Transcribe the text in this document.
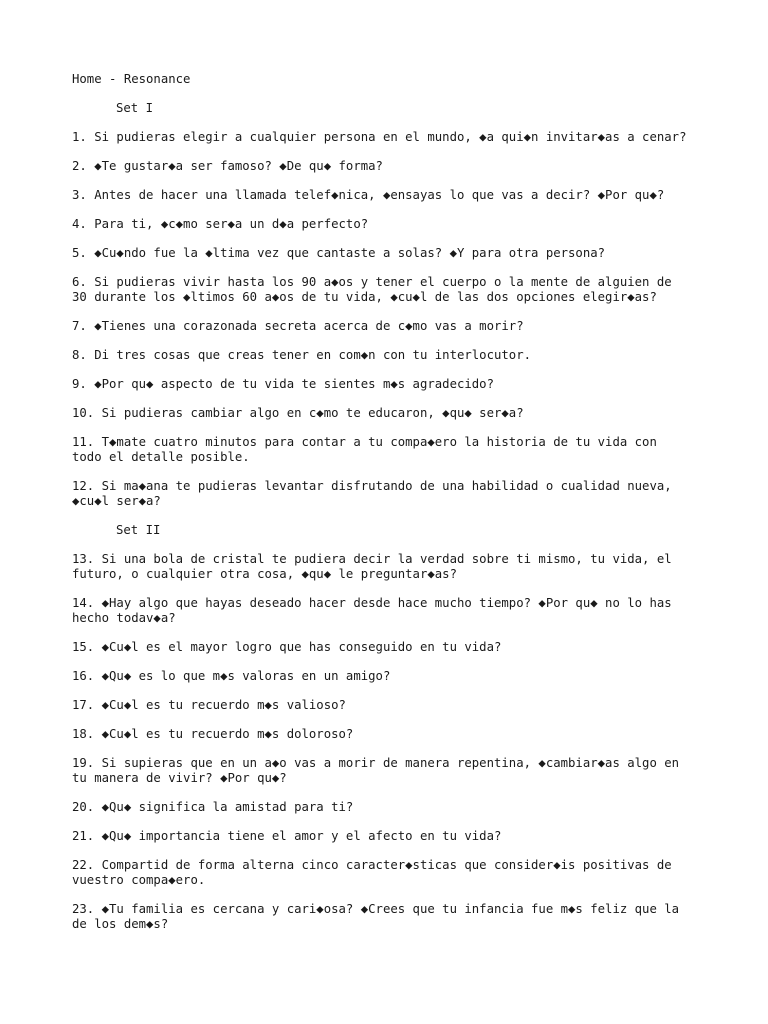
Home - Resonance

Set I

1. Si pudieras elegir a cualquier persona en el mundo, ◆a qui◆n invitar◆as a cenar?

2. ◆Te gustar◆a ser famoso? ◆De qu◆ forma?

3. Antes de hacer una llamada telef◆nica, ◆ensayas lo que vas a decir? ◆Por qu◆?

4. Para ti, ◆c◆mo ser◆a un d◆a perfecto?

5. ◆Cu◆ndo fue la ◆ltima vez que cantaste a solas? ◆Y para otra persona?

6. Si pudieras vivir hasta los 90 a◆os y tener el cuerpo o la mente de alguien de
30 durante los ◆ltimos 60 a◆os de tu vida, ◆cu◆l de las dos opciones elegir◆as?

7. ◆Tienes una corazonada secreta acerca de c◆mo vas a morir?

8. Di tres cosas que creas tener en com◆n con tu interlocutor.

9. ◆Por qu◆ aspecto de tu vida te sientes m◆s agradecido?

10. Si pudieras cambiar algo en c◆mo te educaron, ◆qu◆ ser◆a?

11. T◆mate cuatro minutos para contar a tu compa◆ero la historia de tu vida con
todo el detalle posible.

12. Si ma◆ana te pudieras levantar disfrutando de una habilidad o cualidad nueva,
◆cu◆l ser◆a?

Set II

13. Si una bola de cristal te pudiera decir la verdad sobre ti mismo, tu vida, el
futuro, o cualquier otra cosa, ◆qu◆ le preguntar◆as?

14. ◆Hay algo que hayas deseado hacer desde hace mucho tiempo? ◆Por qu◆ no lo has
hecho todav◆a?

15. ◆Cu◆l es el mayor logro que has conseguido en tu vida?

16. ◆Qu◆ es lo que m◆s valoras en un amigo?

17. ◆Cu◆l es tu recuerdo m◆s valioso?

18. ◆Cu◆l es tu recuerdo m◆s doloroso?

19. Si supieras que en un a◆o vas a morir de manera repentina, ◆cambiar◆as algo en
tu manera de vivir? ◆Por qu◆?

20. ◆Qu◆ significa la amistad para ti?

21. ◆Qu◆ importancia tiene el amor y el afecto en tu vida?

22. Compartid de forma alterna cinco caracter◆sticas que consider◆is positivas de
vuestro compa◆ero.

23. ◆Tu familia es cercana y cari◆osa? ◆Crees que tu infancia fue m◆s feliz que la
de los dem◆s?
